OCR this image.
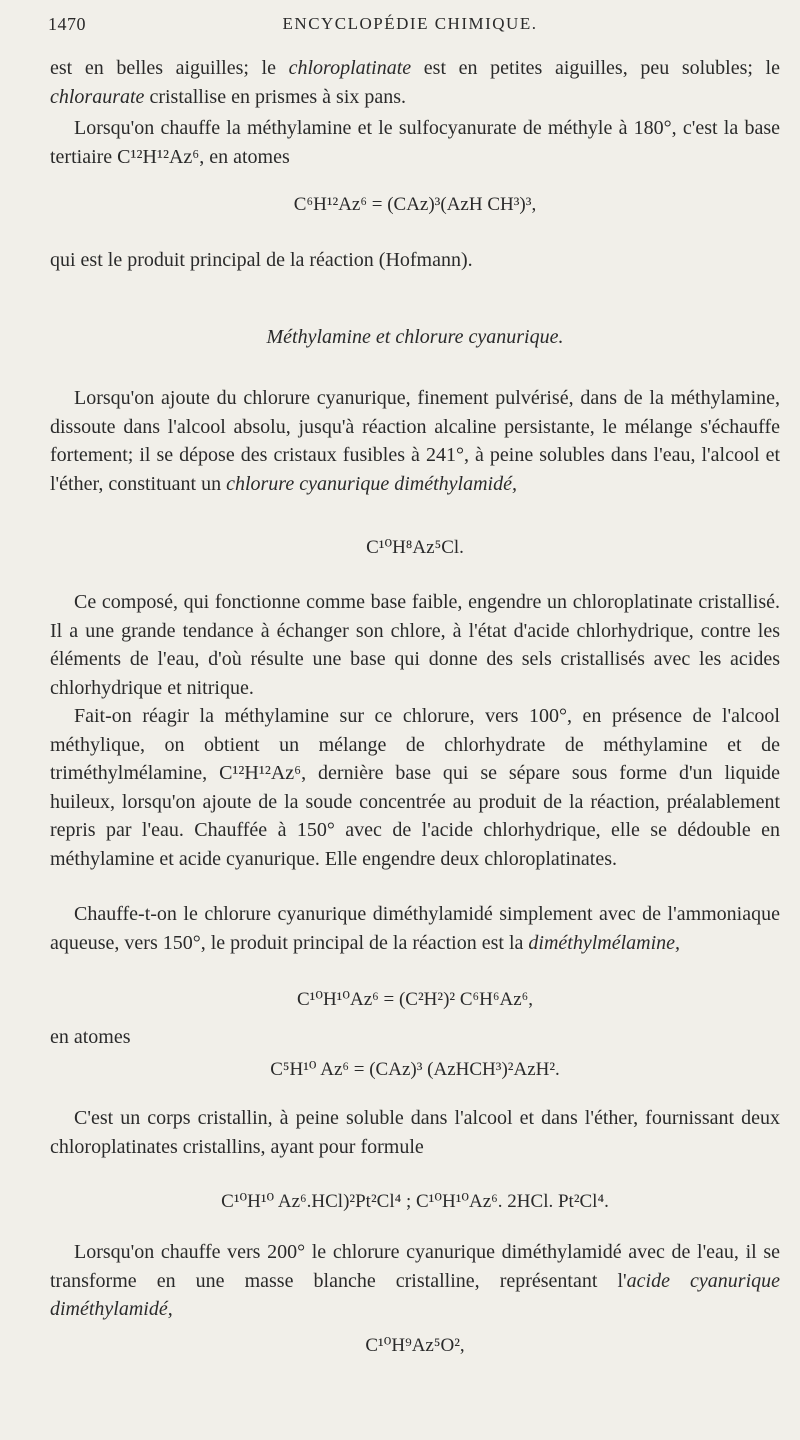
1470	ENCYCLOPÉDIE CHIMIQUE.
est en belles aiguilles; le chloroplatinate est en petites aiguilles, peu solubles; le chloraurate cristallise en prismes à six pans.
Lorsqu'on chauffe la méthylamine et le sulfocyanurate de méthyle à 180°, c'est la base tertiaire C¹²H¹²Az⁶, en atomes
C⁶H¹²Az⁶ = (CAz)³(AzH CH³)³,
qui est le produit principal de la réaction (Hofmann).
Méthylamine et chlorure cyanurique.
Lorsqu'on ajoute du chlorure cyanurique, finement pulvérisé, dans de la méthylamine, dissoute dans l'alcool absolu, jusqu'à réaction alcaline persistante, le mélange s'échauffe fortement; il se dépose des cristaux fusibles à 241°, à peine solubles dans l'eau, l'alcool et l'éther, constituant un chlorure cyanurique diméthylamidé,
C¹⁰H⁸Az⁵Cl.
Ce composé, qui fonctionne comme base faible, engendre un chloroplatinate cristallisé. Il a une grande tendance à échanger son chlore, à l'état d'acide chlorhydrique, contre les éléments de l'eau, d'où résulte une base qui donne des sels cristallisés avec les acides chlorhydrique et nitrique.
Fait-on réagir la méthylamine sur ce chlorure, vers 100°, en présence de l'alcool méthylique, on obtient un mélange de chlorhydrate de méthylamine et de triméthylmélamine, C¹²H¹²Az⁶, dernière base qui se sépare sous forme d'un liquide huileux, lorsqu'on ajoute de la soude concentrée au produit de la réaction, préalablement repris par l'eau. Chauffée à 150° avec de l'acide chlorhydrique, elle se dédouble en méthylamine et acide cyanurique. Elle engendre deux chloroplatinates.
Chauffe-t-on le chlorure cyanurique diméthylamidé simplement avec de l'ammoniaque aqueuse, vers 150°, le produit principal de la réaction est la diméthylmélamine,
C¹⁰H¹⁰Az⁶ = (C²H²)² C⁶H⁶Az⁶,
en atomes
C⁵H¹⁰ Az⁶ = (CAz)³ (AzHCH³)²AzH².
C'est un corps cristallin, à peine soluble dans l'alcool et dans l'éther, fournissant deux chloroplatinates cristallins, ayant pour formule
C¹⁰H¹⁰ Az⁶.HCl)²Pt²Cl⁴ ; C¹⁰H¹⁰Az⁶. 2HCl. Pt²Cl⁴.
Lorsqu'on chauffe vers 200° le chlorure cyanurique diméthylamidé avec de l'eau, il se transforme en une masse blanche cristalline, représentant l'acide cyanurique diméthylamidé,
C¹⁰H⁹Az⁵O²,
